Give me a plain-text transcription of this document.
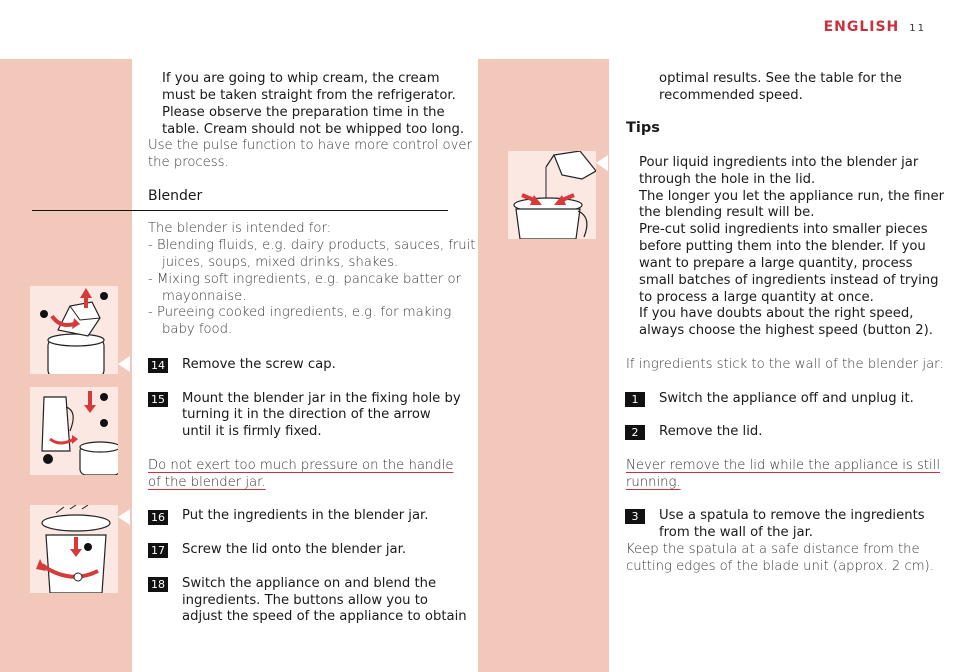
ENGLISH 11
If you are going to whip cream, the cream
must be taken straight from the refrigerator.
Please observe the preparation time in the
table. Cream should not be whipped too long.
Use the pulse function to have more control over
the process.
Blender
The blender is intended for:
- Blending fluids, e.g. dairy products, sauces, fruit
juices, soups, mixed drinks, shakes.
- Mixing soft ingredients, e.g. pancake batter or
mayonnaise.
- Pureeing cooked ingredients, e.g. for making
baby food.
14 Remove the screw cap.
15 Mount the blender jar in the fixing hole by
turning it in the direction of the arrow
until it is firmly fixed.
Do not exert too much pressure on the handle
of the blender jar.
16 Put the ingredients in the blender jar.
17 Screw the lid onto the blender jar.
18 Switch the appliance on and blend the
ingredients. The buttons allow you to
adjust the speed of the appliance to obtain
optimal results. See the table for the
recommended speed.
Tips
Pour liquid ingredients into the blender jar
through the hole in the lid.
The longer you let the appliance run, the finer
the blending result will be.
Pre-cut solid ingredients into smaller pieces
before putting them into the blender. If you
want to prepare a large quantity, process
small batches of ingredients instead of trying
to process a large quantity at once.
If you have doubts about the right speed,
always choose the highest speed (button 2).
If ingredients stick to the wall of the blender jar:
1	Switch the appliance off and unplug it.
2	Remove the lid.
Never remove the lid while the appliance is still
running.
3	Use a spatula to remove the ingredients
from the wall of the jar.
Keep the spatula at a safe distance from the
cutting edges of the blade unit (approx. 2 cm).
